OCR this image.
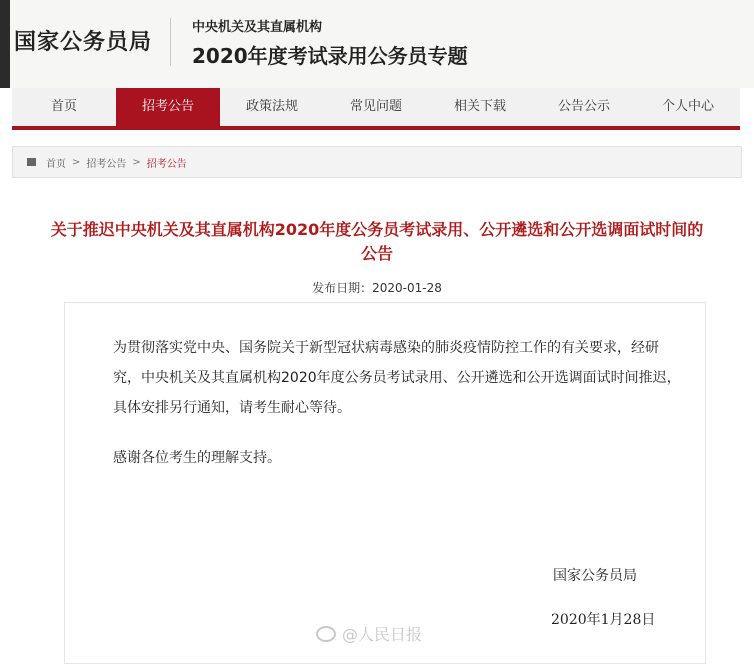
国家公务员局
中央机关及其直属机构
2020年度考试录用公务员专题
首页	招考公告	政策法规	常见问题	相关下载	公告公示	个人中心
首页 > 招考公告 > 招考公告
关于推迟中央机关及其直属机构2020年度公务员考试录用、公开遴选和公开选调面试时间的公告
发布日期：2020-01-28
为贯彻落实党中央、国务院关于新型冠状病毒感染的肺炎疫情防控工作的有关要求，经研究，中央机关及其直属机构2020年度公务员考试录用、公开遴选和公开选调面试时间推迟，具体安排另行通知，请考生耐心等待。
感谢各位考生的理解支持。
国家公务员局
2020年1月28日
@人民日报
